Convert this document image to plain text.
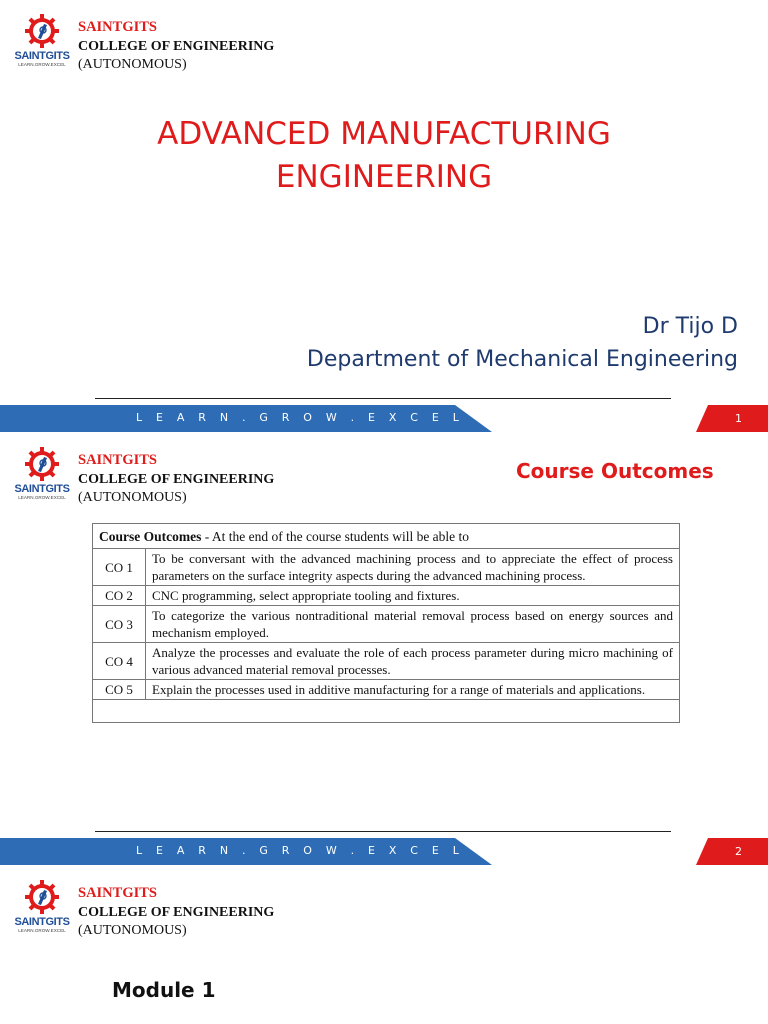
SAINTGITS
LEARN.GROW.EXCEL
SAINTGITS
COLLEGE OF ENGINEERING
(AUTONOMOUS)
ADVANCED MANUFACTURING
ENGINEERING
Dr Tijo D
Department of Mechanical Engineering
L E A R N . G R O W . E X C E L	1
SAINTGITS
LEARN.GROW.EXCEL
SAINTGITS
COLLEGE OF ENGINEERING
(AUTONOMOUS)
Course Outcomes
Course Outcomes - At the end of the course students will be able to	
CO 1	To be conversant with the advanced machining process and to appreciate the effect of process parameters on the surface integrity aspects during the advanced machining process.
CO 2	CNC programming, select appropriate tooling and fixtures.
CO 3	To categorize the various nontraditional material removal process based on energy sources and mechanism employed.
CO 4	Analyze the processes and evaluate the role of each process parameter during micro machining of various advanced material removal processes.
CO 5	Explain the processes used in additive manufacturing for a range of materials and applications.

L E A R N . G R O W . E X C E L	2
SAINTGITS
LEARN.GROW.EXCEL
SAINTGITS
COLLEGE OF ENGINEERING
(AUTONOMOUS)
Module 1
